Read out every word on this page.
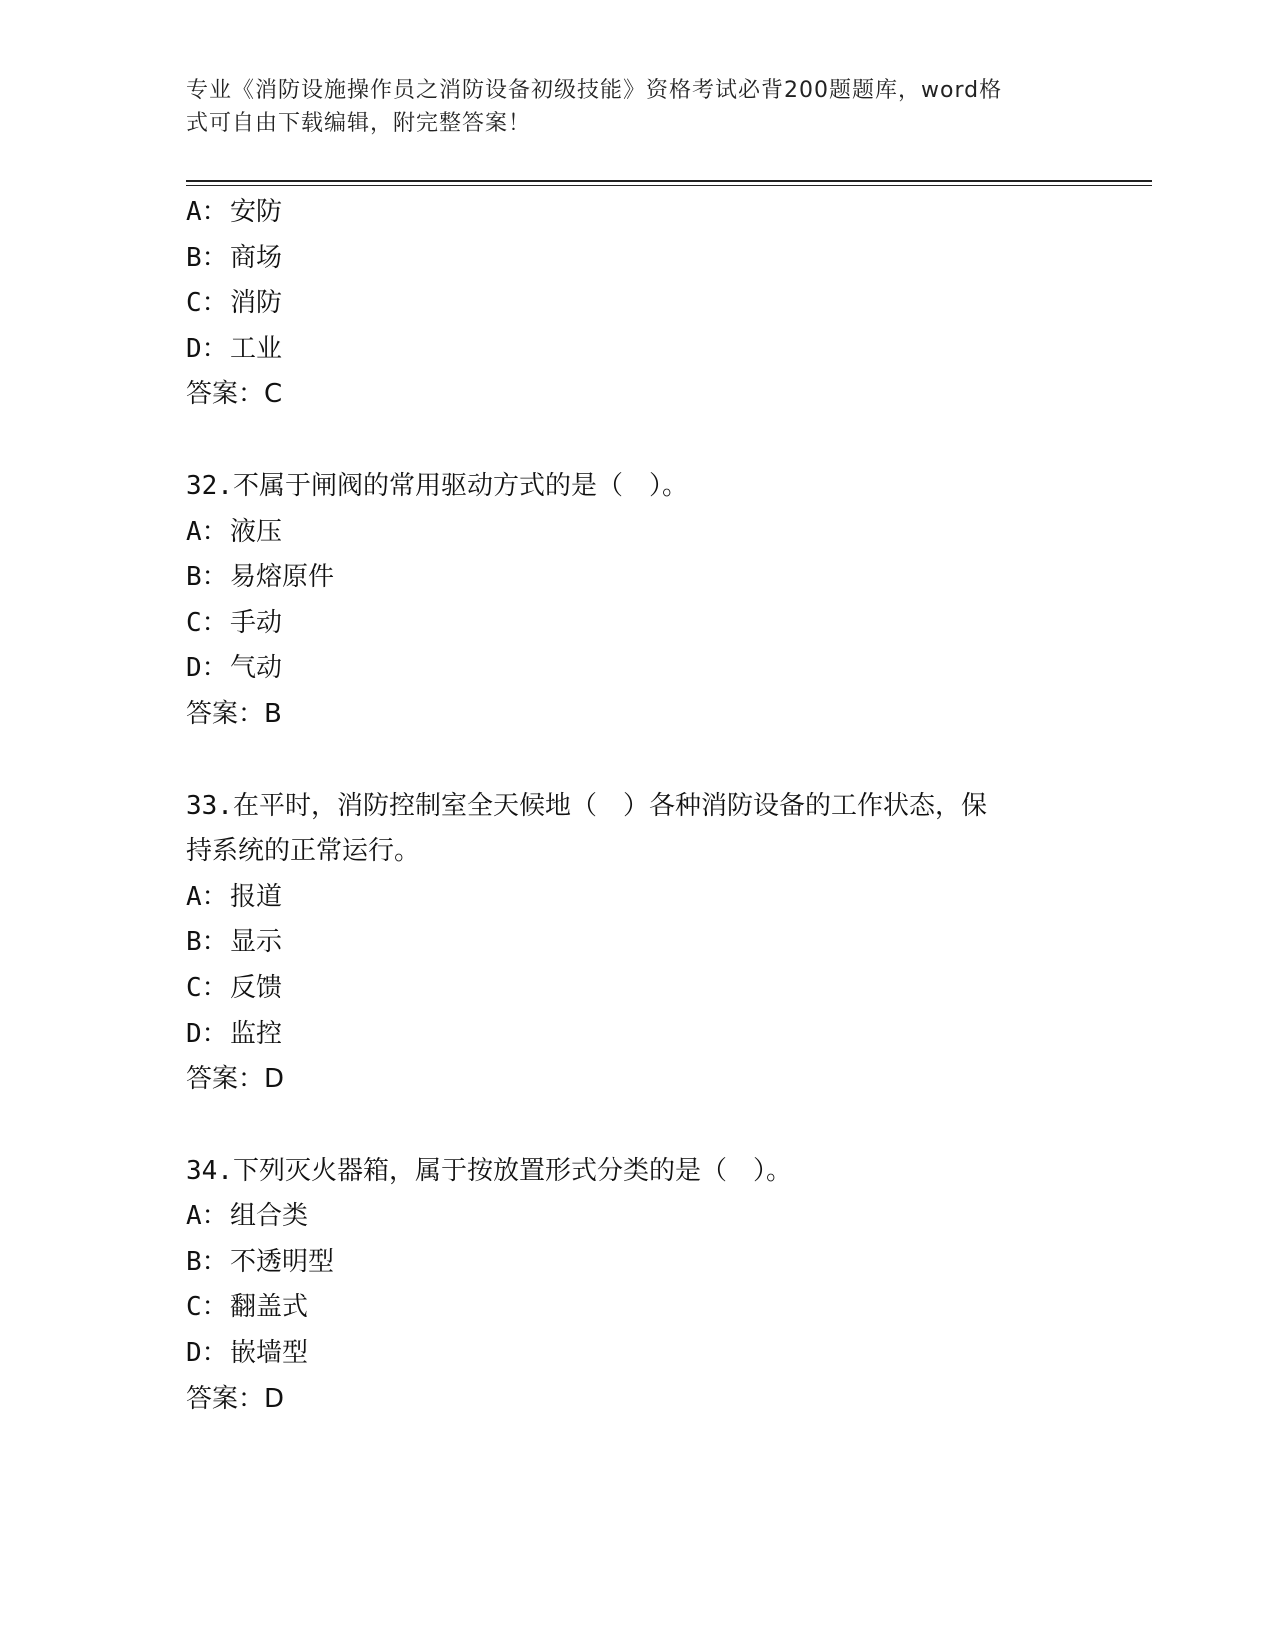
专业《消防设施操作员之消防设备初级技能》资格考试必背200题题库，word格
式可自由下载编辑，附完整答案！
A：安防
B：商场
C：消防
D：工业
答案：C
32.不属于闸阀的常用驱动方式的是（　）。
A：液压
B：易熔原件
C：手动
D：气动
答案：B
33.在平时，消防控制室全天候地（　）各种消防设备的工作状态，保
持系统的正常运行。
A：报道
B：显示
C：反馈
D：监控
答案：D
34.下列灭火器箱，属于按放置形式分类的是（　）。
A：组合类
B：不透明型
C：翻盖式
D：嵌墙型
答案：D
